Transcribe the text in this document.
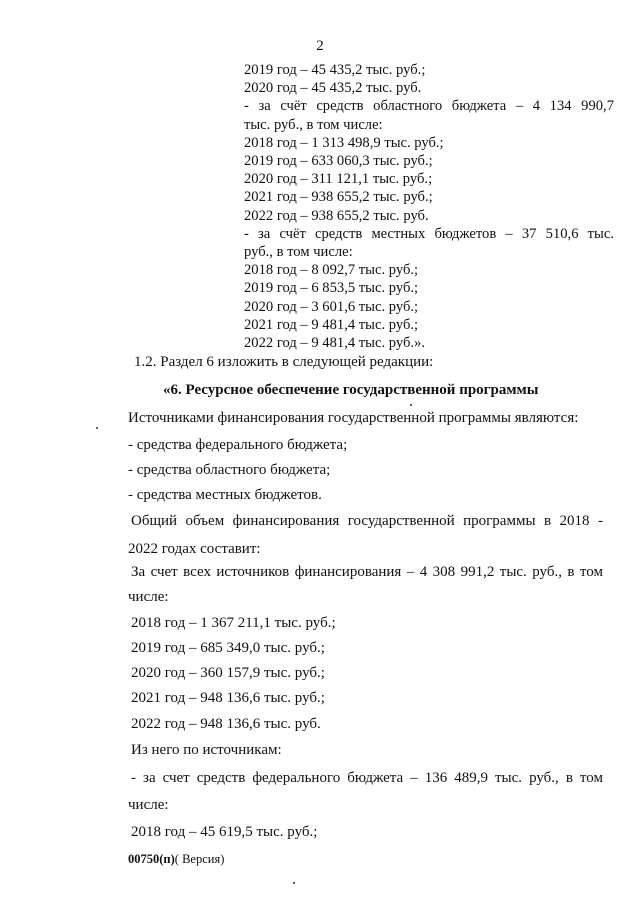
2
2019 год – 45 435,2 тыс. руб.;
2020 год – 45 435,2 тыс. руб.
- за счёт средств областного бюджета – 4 134 990,7
тыс. руб., в том числе:
2018 год – 1 313 498,9 тыс. руб.;
2019 год – 633 060,3 тыс. руб.;
2020 год – 311 121,1 тыс. руб.;
2021 год – 938 655,2 тыс. руб.;
2022 год – 938 655,2 тыс. руб.
- за счёт средств местных бюджетов – 37 510,6 тыс.
руб., в том числе:
2018 год – 8 092,7 тыс. руб.;
2019 год – 6 853,5 тыс. руб.;
2020 год – 3 601,6 тыс. руб.;
2021 год – 9 481,4 тыс. руб.;
2022 год – 9 481,4 тыс. руб.».
1.2. Раздел 6 изложить в следующей редакции:
«6. Ресурсное обеспечение государственной программы
Источниками финансирования государственной программы являются:
- средства федерального бюджета;
- средства областного бюджета;
- средства местных бюджетов.
Общий объем финансирования государственной программы в 2018 -
2022 годах составит:
За счет всех источников финансирования – 4 308 991,2 тыс. руб., в том
числе:
2018 год – 1 367 211,1 тыс. руб.;
2019 год – 685 349,0 тыс. руб.;
2020 год – 360 157,9 тыс. руб.;
2021 год – 948 136,6 тыс. руб.;
2022 год – 948 136,6 тыс. руб.
Из него по источникам:
- за счет средств федерального бюджета – 136 489,9 тыс. руб., в том
числе:
2018 год – 45 619,5 тыс. руб.;
00750(п)( Версия)
